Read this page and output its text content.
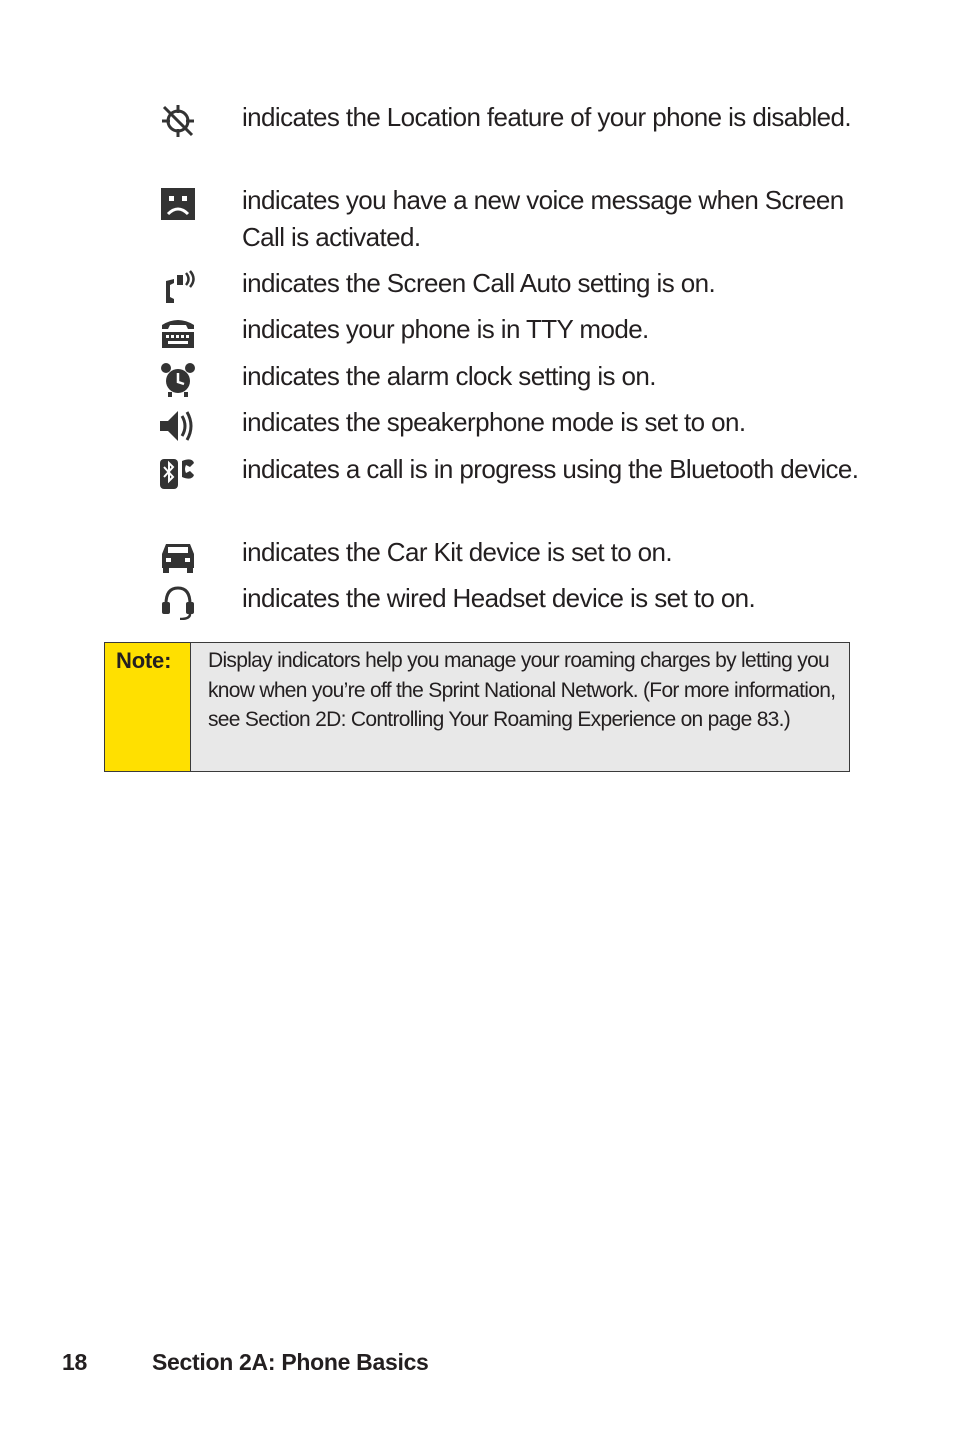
indicates the Location feature of your phone is disabled.
indicates you have a new voice message when Screen Call is activated.
indicates the Screen Call Auto setting is on.
indicates your phone is in TTY mode.
indicates the alarm clock setting is on.
indicates the speakerphone mode is set to on.
indicates a call is in progress using the Bluetooth device.
indicates the Car Kit device is set to on.
indicates the wired Headset device is set to on.
Note:	Display indicators help you manage your roaming charges by letting you know when you’re off the Sprint National Network. (For more information, see Section 2D: Controlling Your Roaming Experience on page 83.)
18	Section 2A: Phone Basics
